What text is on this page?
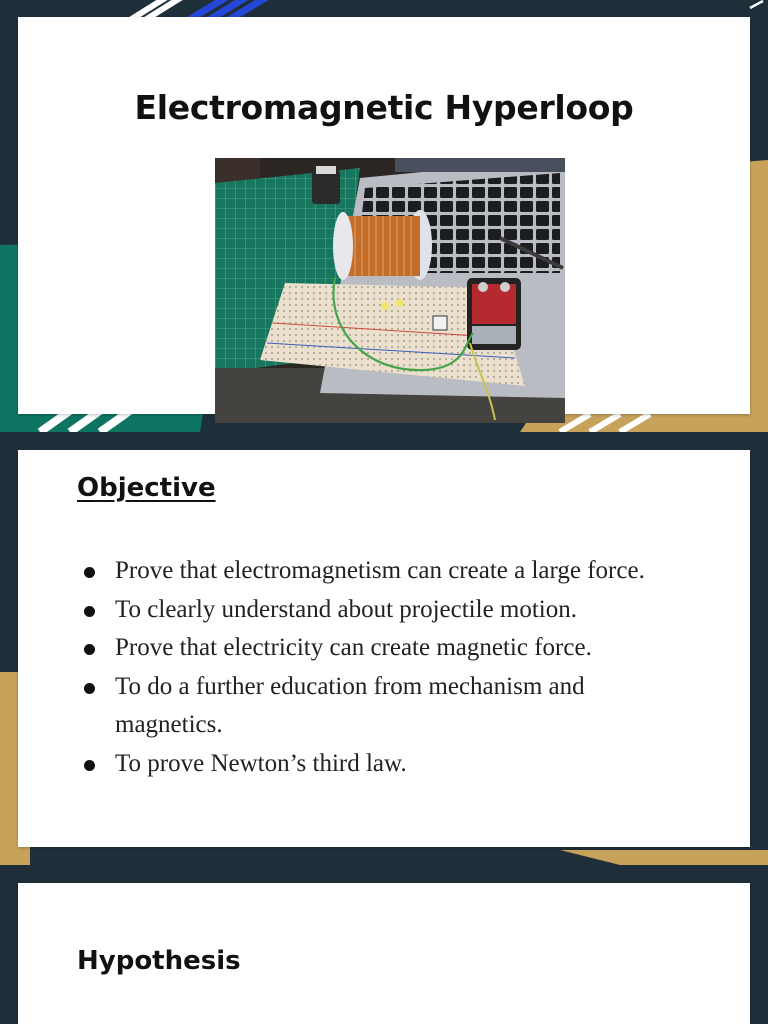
Electromagnetic Hyperloop
Objective
Prove that electromagnetism can create a large force.
To clearly understand about projectile motion.
Prove that electricity can create magnetic force.
To do a further education from mechanism and magnetics.
To prove Newton’s third law.
Hypothesis
